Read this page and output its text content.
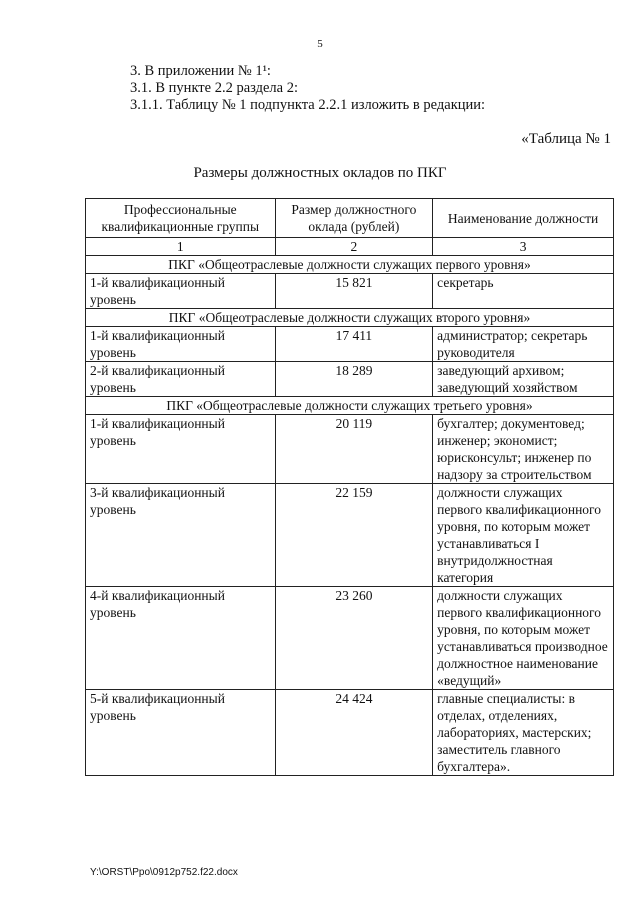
5
3. В приложении № 1¹:
3.1. В пункте 2.2 раздела 2:
3.1.1. Таблицу № 1 подпункта 2.2.1 изложить в редакции:
«Таблица № 1
Размеры должностных окладов по ПКГ
Профессиональные квалификационные группы	Размер должностного оклада (рублей)	Наименование должности
1	2	3
ПКГ «Общеотраслевые должности служащих первого уровня»		
1-й квалификационный уровень	15 821	секретарь
ПКГ «Общеотраслевые должности служащих второго уровня»		
1-й квалификационный уровень	17 411	администратор; секретарь руководителя
2-й квалификационный уровень	18 289	заведующий архивом; заведующий хозяйством
ПКГ «Общеотраслевые должности служащих третьего уровня»		
1-й квалификационный уровень	20 119	бухгалтер; документовед; инженер; экономист; юрисконсульт; инженер по надзору за строительством
3-й квалификационный уровень	22 159	должности служащих первого квалификационного уровня, по которым может устанавливаться I внутридолжностная категория
4-й квалификационный уровень	23 260	должности служащих первого квалификационного уровня, по которым может устанавливаться производное должностное наименование «ведущий»
5-й квалификационный уровень	24 424	главные специалисты: в отделах, отделениях, лабораториях, мастерских; заместитель главного бухгалтера».
Y:\ORST\Ppo\0912p752.f22.docx
